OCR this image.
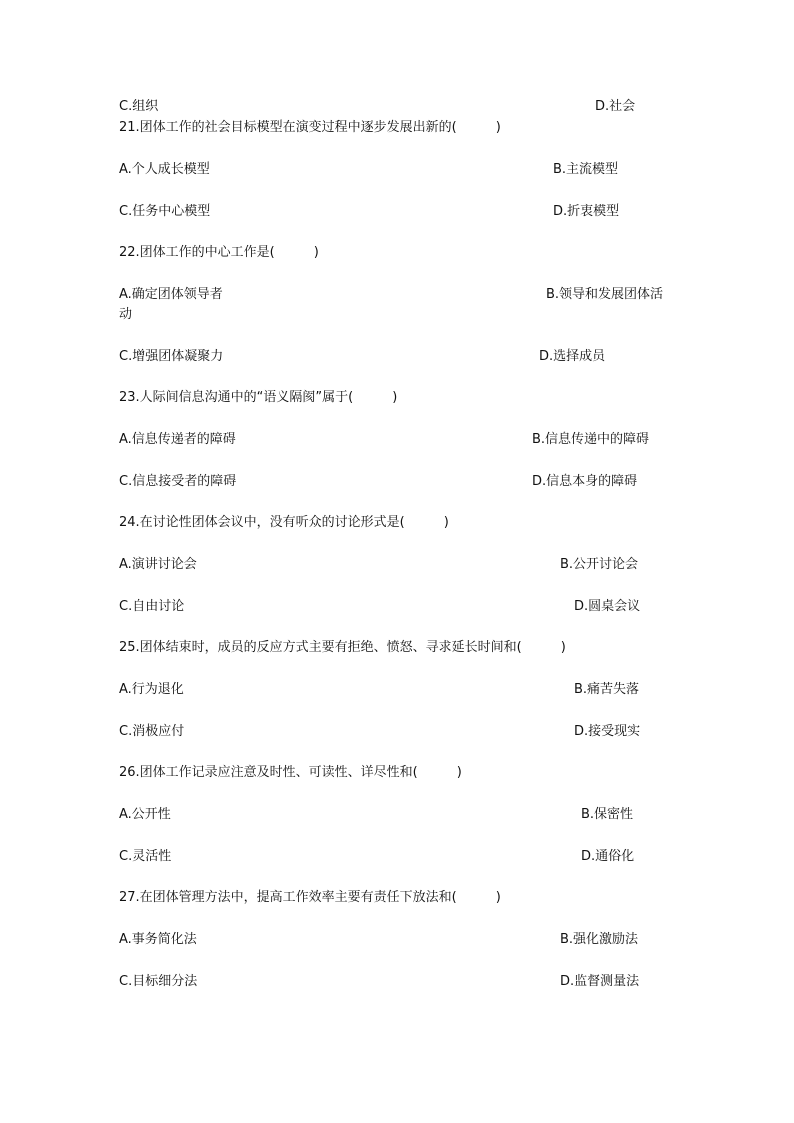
C.组织	D.社会
21.团体工作的社会目标模型在演变过程中逐步发展出新的(　　　)
A.个人成长模型	B.主流模型
C.任务中心模型	D.折衷模型
22.团体工作的中心工作是(　　　)
A.确定团体领导者	B.领导和发展团体活
动
C.增强团体凝聚力	D.选择成员
23.人际间信息沟通中的“语义隔阂”属于(　　　)
A.信息传递者的障碍	B.信息传递中的障碍
C.信息接受者的障碍	D.信息本身的障碍
24.在讨论性团体会议中，没有听众的讨论形式是(　　　)
A.演讲讨论会	B.公开讨论会
C.自由讨论	D.圆桌会议
25.团体结束时，成员的反应方式主要有拒绝、愤怒、寻求延长时间和(　　　)
A.行为退化	B.痛苦失落
C.消极应付	D.接受现实
26.团体工作记录应注意及时性、可读性、详尽性和(　　　)
A.公开性	B.保密性
C.灵活性	D.通俗化
27.在团体管理方法中，提高工作效率主要有责任下放法和(　　　)
A.事务简化法	B.强化激励法
C.目标细分法	D.监督测量法
